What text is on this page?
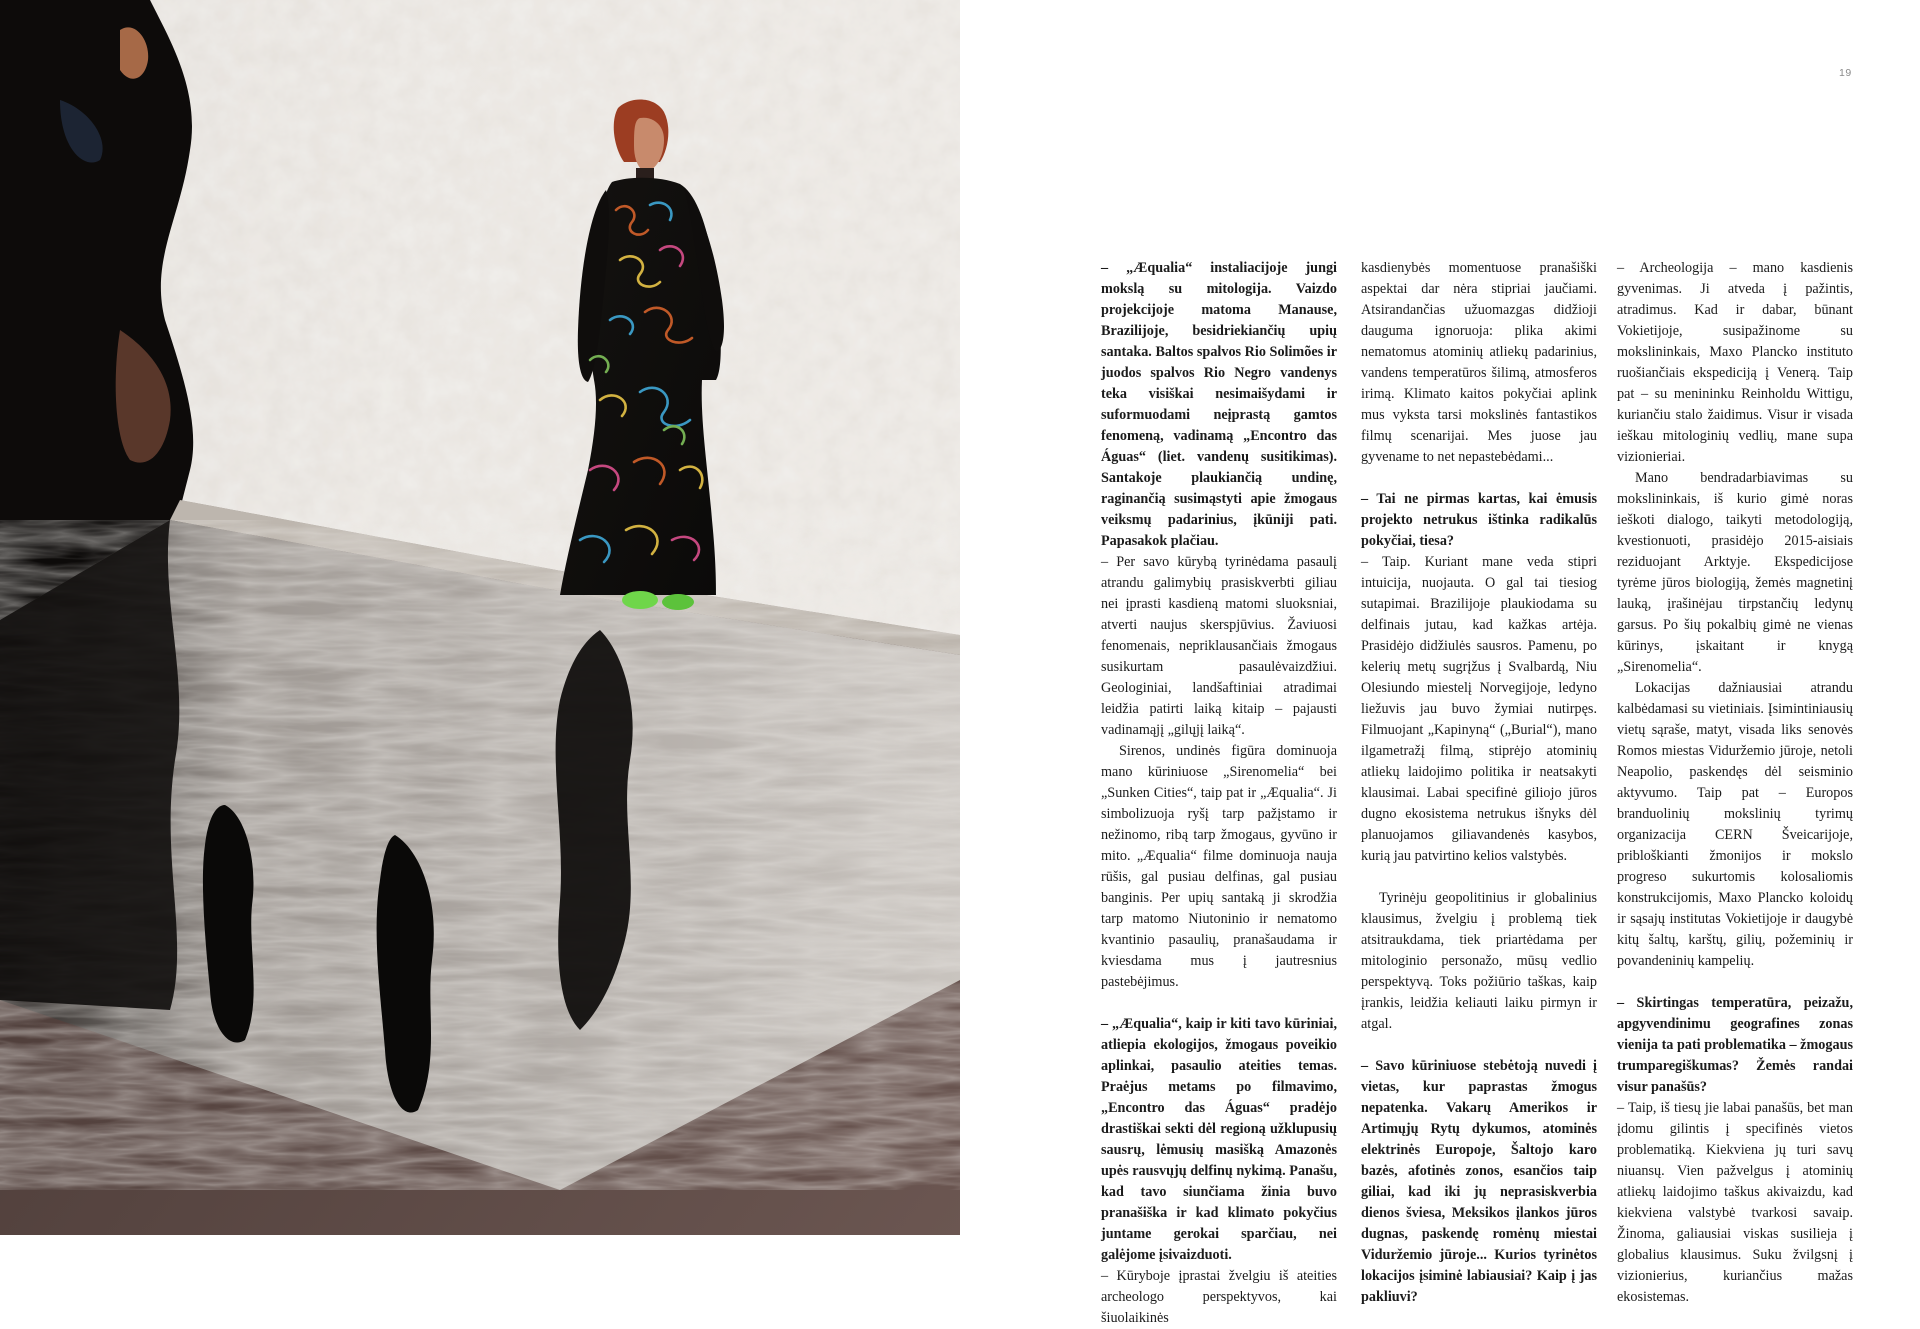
19

– „Æqualia“ instaliacijoje jungi mokslą su mitologija. Vaizdo projekcijoje matoma Manause, Brazilijoje, besidriekiančių upių santaka. Baltos spalvos Rio Solimões ir juodos spalvos Rio Negro vandenys teka visiškai nesimaišydami ir suformuodami neįprastą gamtos fenomeną, vadinamą „Encontro das Águas“ (liet. vandenų susitikimas). Santakoje plaukiančią undinę, raginančią susimąstyti apie žmogaus veiksmų padarinius, įkūniji pati. Papasakok plačiau.

– Per savo kūrybą tyrinėdama pasaulį atrandu galimybių prasiskverbti giliau nei įprasti kasdieną matomi sluoksniai, atverti naujus skerspjūvius. Žaviuosi fenomenais, nepriklausančiais žmogaus susikurtam pasaulėvaizdžiui. Geologiniai, landšaftiniai atradimai leidžia patirti laiką kitaip – pajausti vadinamąjį „gilųjį laiką“.

Sirenos, undinės figūra dominuoja mano kūriniuose „Sirenomelia“ bei „Sunken Cities“, taip pat ir „Æqualia“. Ji simbolizuoja ryšį tarp pažįstamo ir nežinomo, ribą tarp žmogaus, gyvūno ir mito. „Æqualia“ filme dominuoja nauja rūšis, gal pusiau delfinas, gal pusiau banginis. Per upių santaką ji skrodžia tarp matomo Niutoninio ir nematomo kvantinio pasaulių, pranašaudama ir kviesdama mus į jautresnius pastebėjimus.

– „Æqualia“, kaip ir kiti tavo kūriniai, atliepia ekologijos, žmogaus poveikio aplinkai, pasaulio ateities temas. Praėjus metams po filmavimo, „Encontro das Águas“ pradėjo drastiškai sekti dėl regioną užklupusių sausrų, lėmusių masišką Amazonės upės rausvųjų delfinų nykimą. Panašu, kad tavo siunčiama žinia buvo pranašiška ir kad klimato pokyčius juntame gerokai sparčiau, nei galėjome įsivaizduoti.

– Kūryboje įprastai žvelgiu iš ateities archeologo perspektyvos, kai šiuolaikinės

kasdienybės momentuose pranašiški aspektai dar nėra stipriai jaučiami. Atsirandančias užuomazgas didžioji dauguma ignoruoja: plika akimi nematomus atominių atliekų padarinius, vandens temperatūros šilimą, atmosferos irimą. Klimato kaitos pokyčiai aplink mus vyksta tarsi mokslinės fantastikos filmų scenarijai. Mes juose jau gyvename to net nepastebėdami...

– Tai ne pirmas kartas, kai ėmusis projekto netrukus ištinka radikalūs pokyčiai, tiesa?

– Taip. Kuriant mane veda stipri intuicija, nuojauta. O gal tai tiesiog sutapimai. Brazilijoje plaukiodama su delfinais jutau, kad kažkas artėja. Prasidėjo didžiulės sausros. Pamenu, po kelerių metų sugrįžus į Svalbardą, Niu Olesiundo miestelį Norvegijoje, ledyno liežuvis jau buvo žymiai nutirpęs. Filmuojant „Kapinyną“ („Burial“), mano ilgametražį filmą, stiprėjo atominių atliekų laidojimo politika ir neatsakyti klausimai. Labai specifinė giliojo jūros dugno ekosistema netrukus išnyks dėl planuojamos giliavandenės kasybos, kurią jau patvirtino kelios valstybės.

Tyrinėju geopolitinius ir globalinius klausimus, žvelgiu į problemą tiek atsitraukdama, tiek priartėdama per mitologinio personažo, mūsų vedlio perspektyvą. Toks požiūrio taškas, kaip įrankis, leidžia keliauti laiku pirmyn ir atgal.

– Savo kūriniuose stebėtoją nuvedi į vietas, kur paprastas žmogus nepatenka. Vakarų Amerikos ir Artimųjų Rytų dykumos, atominės elektrinės Europoje, Šaltojo karo bazės, afotinės zonos, esančios taip giliai, kad iki jų neprasiskverbia dienos šviesa, Meksikos įlankos jūros dugnas, paskendę romėnų miestai Viduržemio jūroje... Kurios tyrinėtos lokacijos įsiminė labiausiai? Kaip į jas pakliuvi?

– Archeologija – mano kasdienis gyvenimas. Ji atveda į pažintis, atradimus. Kad ir dabar, būnant Vokietijoje, susipažinome su mokslininkais, Maxo Plancko instituto ruošiančiais ekspediciją į Venerą. Taip pat – su menininku Reinholdu Wittigu, kuriančiu stalo žaidimus. Visur ir visada ieškau mitologinių vedlių, mane supa vizionieriai.

Mano bendradarbiavimas su mokslininkais, iš kurio gimė noras ieškoti dialogo, taikyti metodologiją, kvestionuoti, prasidėjo 2015-aisiais reziduojant Arktyje. Ekspedicijose tyrėme jūros biologiją, žemės magnetinį lauką, įrašinėjau tirpstančių ledynų garsus. Po šių pokalbių gimė ne vienas kūrinys, įskaitant ir knygą „Sirenomelia“.

Lokacijas dažniausiai atrandu kalbėdamasi su vietiniais. Įsimintiniausių vietų sąraše, matyt, visada liks senovės Romos miestas Viduržemio jūroje, netoli Neapolio, paskendęs dėl seisminio aktyvumo. Taip pat – Europos branduolinių mokslinių tyrimų organizacija CERN Šveicarijoje, pribloškianti žmonijos ir mokslo progreso sukurtomis kolosaliomis konstrukcijomis, Maxo Plancko koloidų ir sąsajų institutas Vokietijoje ir daugybė kitų šaltų, karštų, gilių, požeminių ir povandeninių kampelių.

– Skirtingas temperatūra, peizažu, apgyvendinimu geografines zonas vienija ta pati problematika – žmogaus trumparegiškumas? Žemės randai visur panašūs?

– Taip, iš tiesų jie labai panašūs, bet man įdomu gilintis į specifinės vietos problematiką. Kiekviena jų turi savų niuansų. Vien pažvelgus į atominių atliekų laidojimo taškus akivaizdu, kad kiekviena valstybė tvarkosi savaip. Žinoma, galiausiai viskas susilieja į globalius klausimus. Suku žvilgsnį į vizionierius, kuriančius mažas ekosistemas.
